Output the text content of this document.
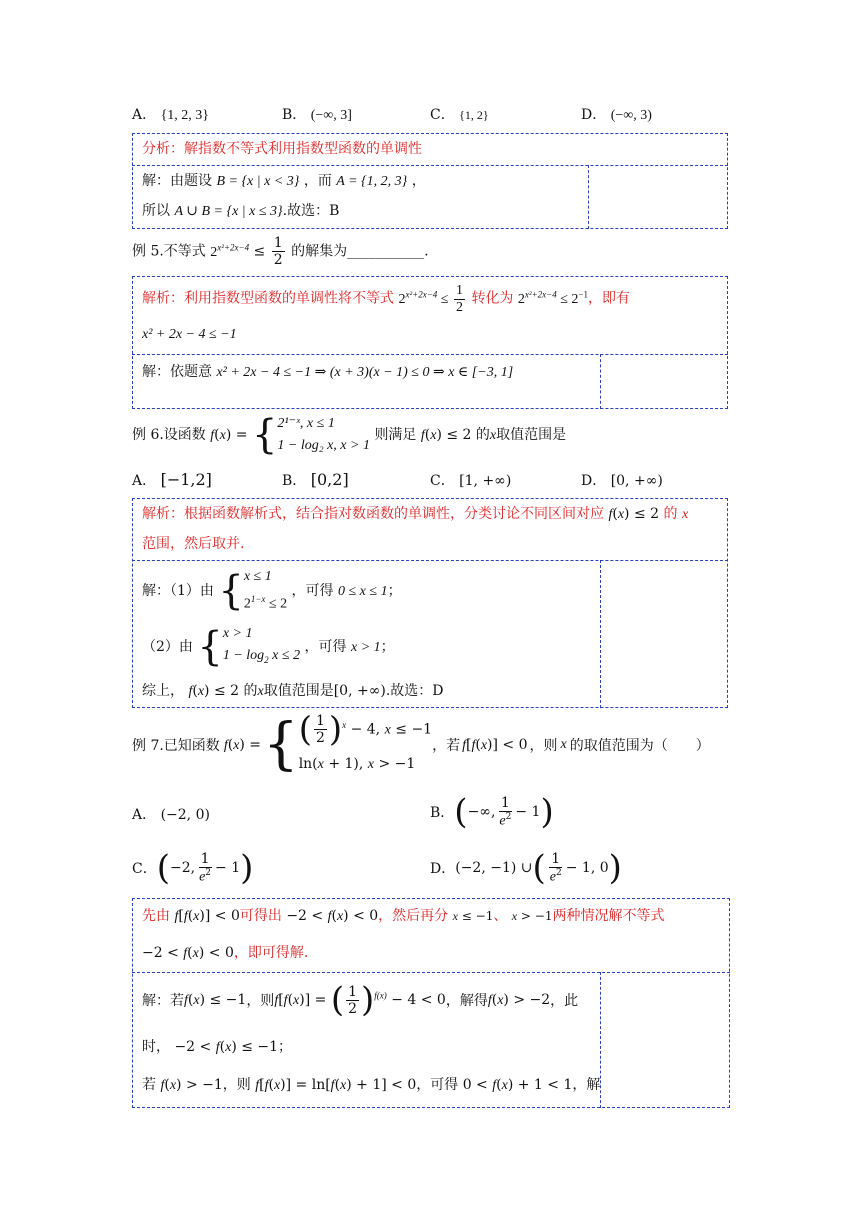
A． {1, 2, 3}	B． (−∞, 3]	C． {1, 2}	D． (−∞, 3)
分析：解指数不等式利用指数型函数的单调性
解：由题设 B = {x | x < 3} ，而 A = {1, 2, 3} ，
所以 A ∪ B = {x | x ≤ 3}.故选：B
例 5.不等式 $2^{x^2+2x-4} \le \frac{1}{2}$ 的解集为___________.
解析：利用指数型函数的单调性将不等式 $2^{x^2+2x-4} \le \frac{1}{2}$ 转化为 $2^{x^2+2x-4} \le 2^{-1}$，即有
x² + 2x − 4 ≤ −1
解：依题意 x² + 2x − 4 ≤ −1 ⇒ (x + 3)(x − 1) ≤ 0 ⇒ x ∈ [−3, 1]
例 6.设函数 f(x) = { 2¹⁻ˣ, x ≤ 1
1 − log₂ x, x > 1
则满足 f(x) ≤ 2 的x取值范围是
A． [−1,2]	B． [0,2]	C． [1, +∞)	D． [0, +∞)
解析：根据函数解析式，结合指对数函数的单调性，分类讨论不同区间对应 f(x) ≤ 2 的 x
范围，然后取并.
解：（1）由 { x ≤ 1
$2^{1-x} \le 2$
，可得 0 ≤ x ≤ 1；
（2）由 { x > 1
$1 - \log_2 x \le 2$
，可得 x > 1；
综上， f(x) ≤ 2 的x取值范围是[0, +∞).故选：D
例 7.已知函数 f(x) = { ( $\frac{1}{2} )^x - 4$, x ≤ −1
ln(x + 1), x > −1
，若 f[f(x)] < 0 ，则 x 的取值范围为（　　）
A． (−2, 0)	B． ( −∞, $\frac{1}{e^2} - 1$ )
C． ( −2, $\frac{1}{e^2} - 1$ )	D． (−2, −1) ∪ ( $\frac{1}{e^2} - 1$, 0 )
先由 f[f(x)] < 0可得出 −2 < f(x) < 0，然后再分 x ≤ −1、 x > −1两种情况解不等式
−2 < f(x) < 0，即可得解.
解：若 f(x) ≤ −1 ，则 f[f(x)] = ( $\frac{1}{2} )^{f(x)} - 4 < 0$ ，解得 f(x) > −2 ，此
时， −2 < f(x) ≤ −1；
若 f(x) > −1，则 f[f(x)] = ln[f(x) + 1] < 0，可得 0 < f(x) + 1 < 1，解
